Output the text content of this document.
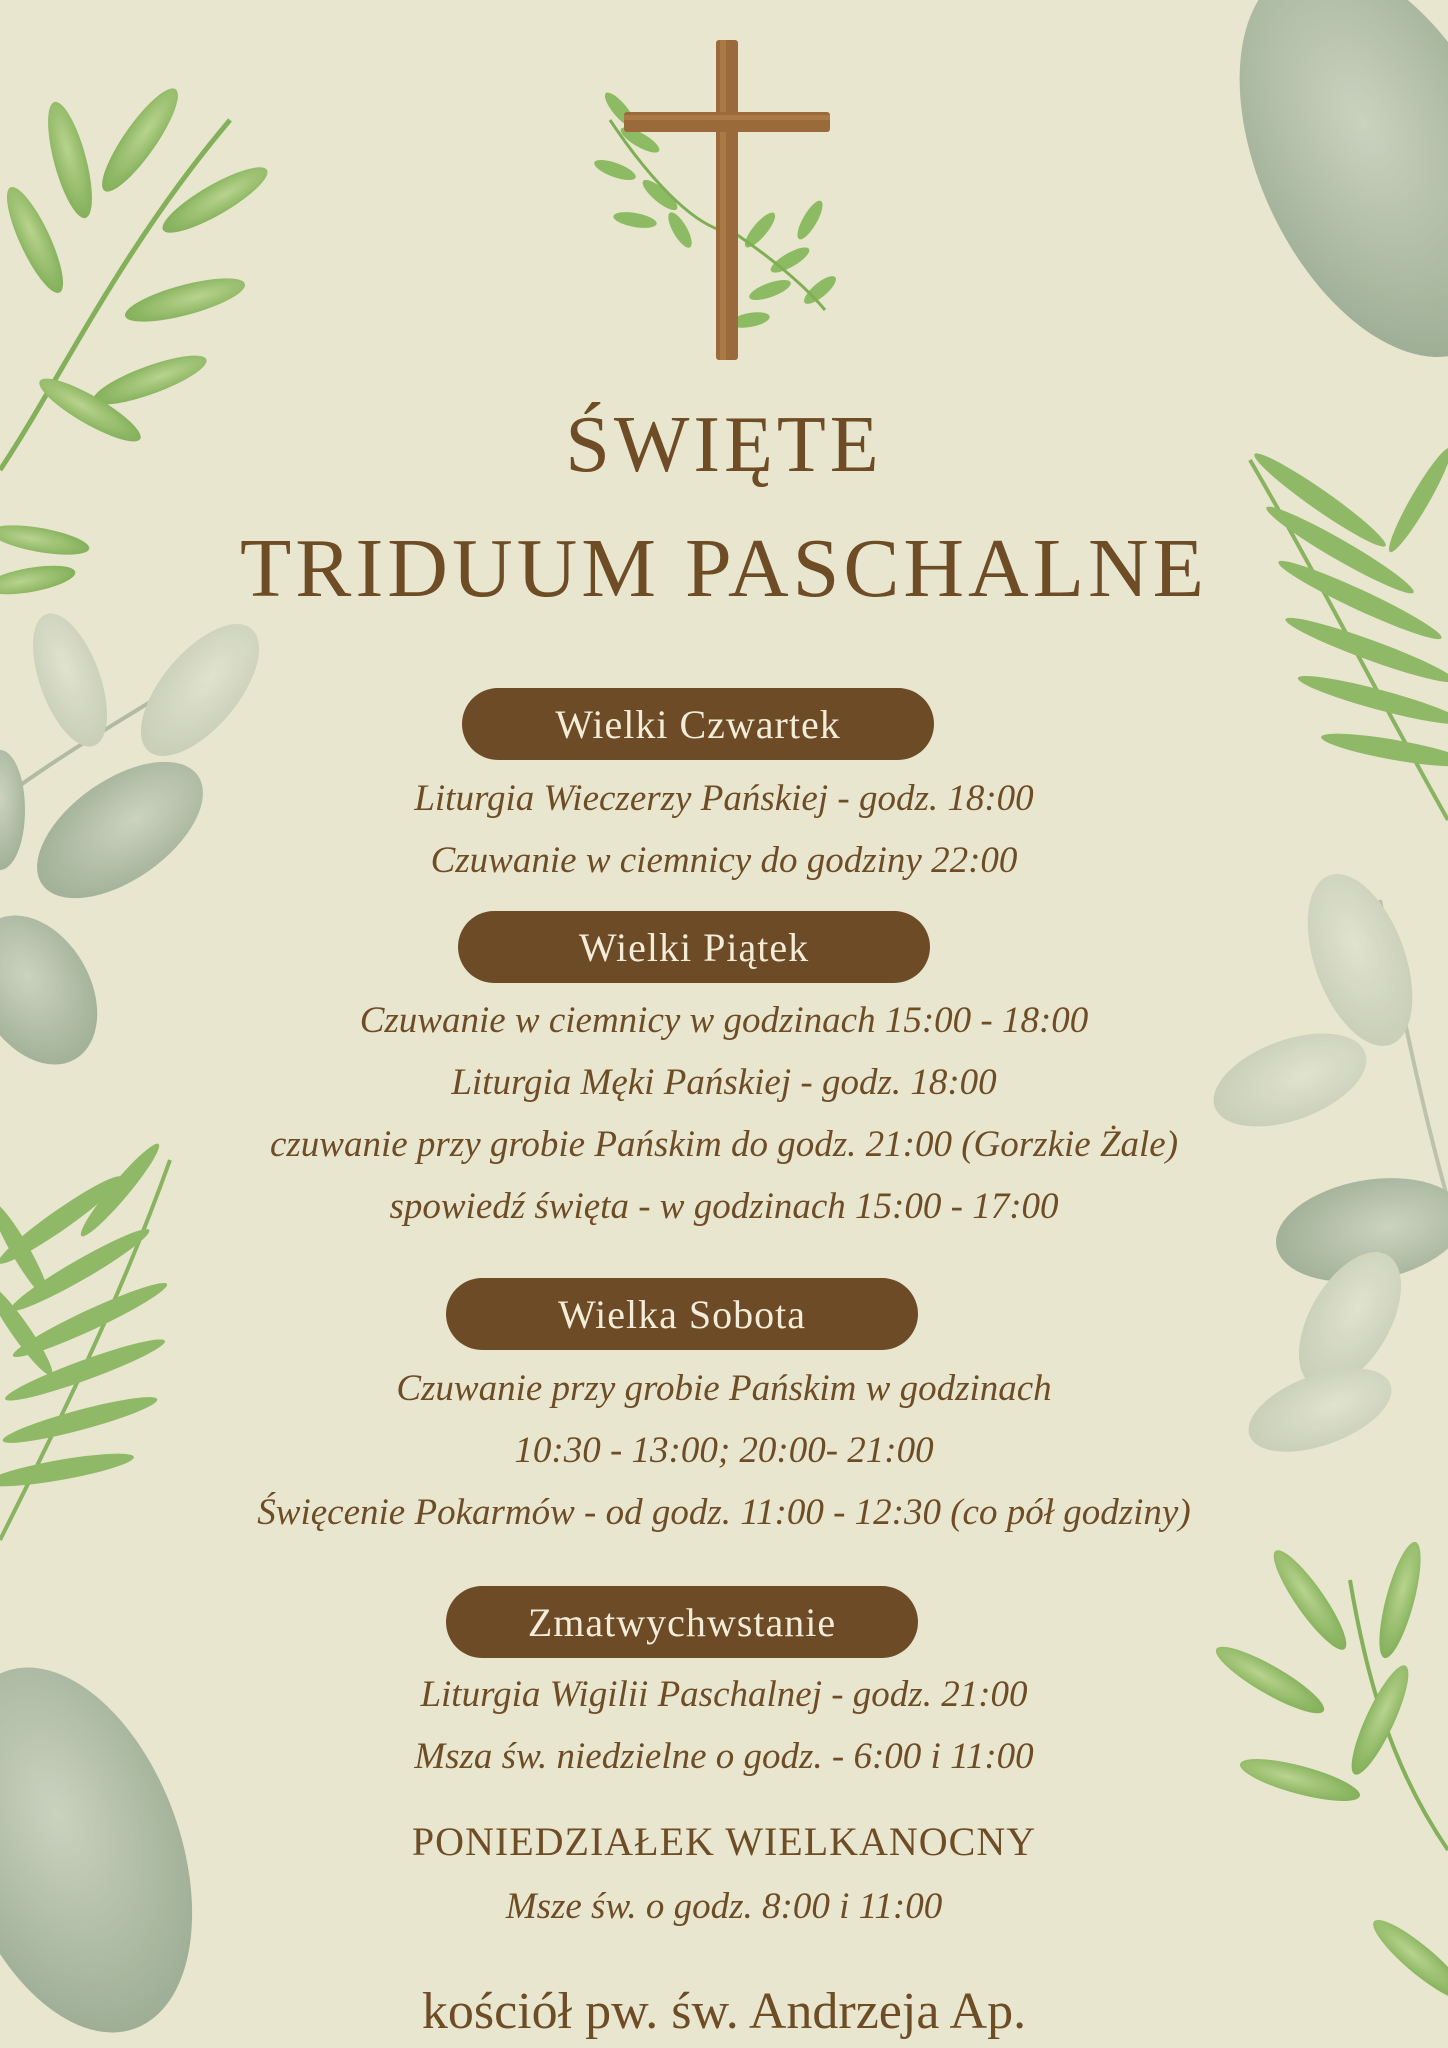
ŚWIĘTE
TRIDUUM PASCHALNE
Wielki Czwartek
Liturgia Wieczerzy Pańskiej - godz. 18:00
Czuwanie w ciemnicy do godziny 22:00
Wielki Piątek
Czuwanie w ciemnicy w godzinach 15:00 - 18:00
Liturgia Męki Pańskiej - godz. 18:00
czuwanie przy grobie Pańskim do godz. 21:00 (Gorzkie Żale)
spowiedź święta - w godzinach 15:00 - 17:00
Wielka Sobota
Czuwanie przy grobie Pańskim w godzinach
10:30 - 13:00; 20:00- 21:00
Święcenie Pokarmów - od godz. 11:00 - 12:30 (co pół godziny)
Zmatwychwstanie
Liturgia Wigilii Paschalnej - godz. 21:00
Msza św. niedzielne o godz. - 6:00 i 11:00
PONIEDZIAŁEK WIELKANOCNY
Msze św. o godz. 8:00 i 11:00
kościół pw. św. Andrzeja Ap.
